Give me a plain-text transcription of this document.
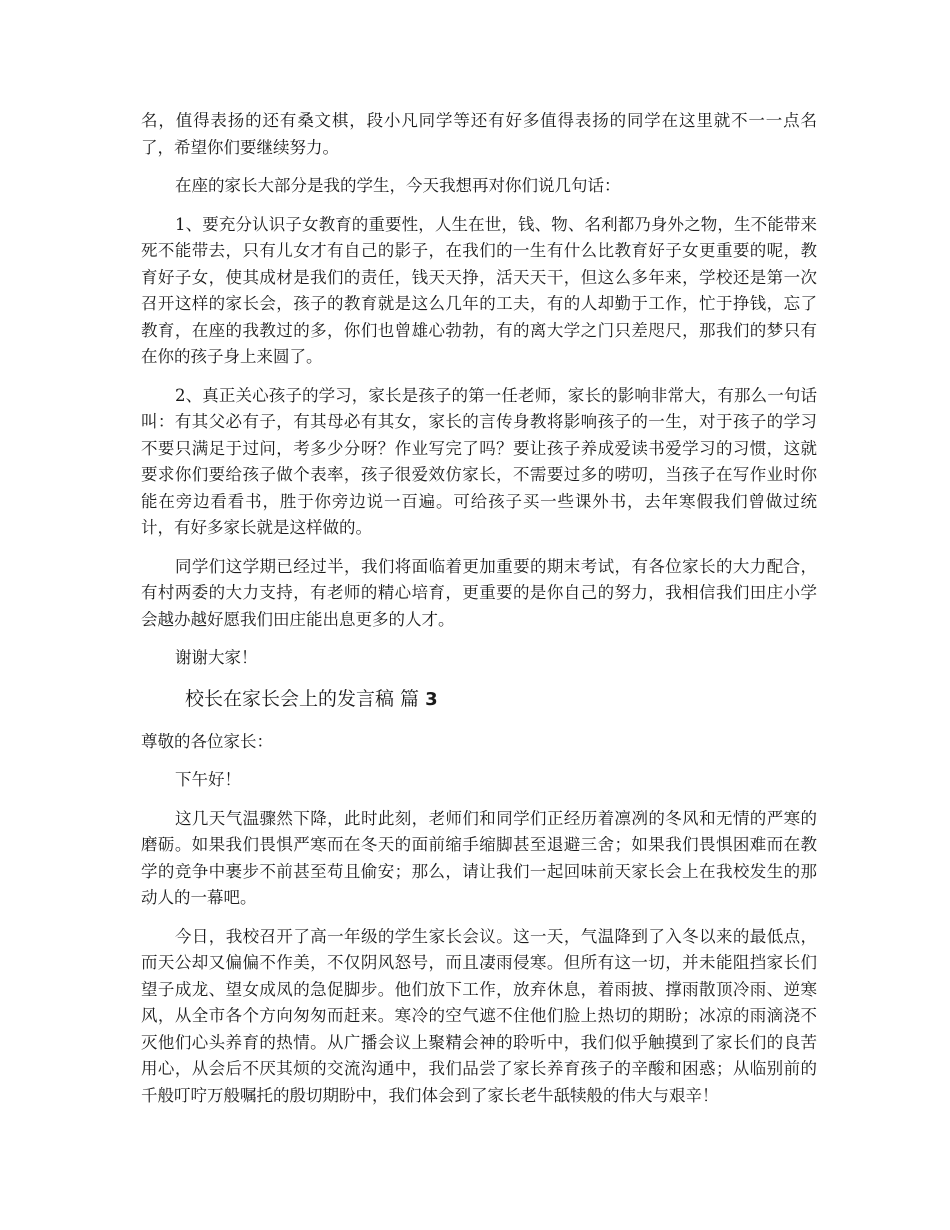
名，值得表扬的还有桑文棋，段小凡同学等还有好多值得表扬的同学在这里就不一一点名了，希望你们要继续努力。

在座的家长大部分是我的学生，今天我想再对你们说几句话：

1、要充分认识子女教育的重要性，人生在世，钱、物、名利都乃身外之物，生不能带来死不能带去，只有儿女才有自己的影子，在我们的一生有什么比教育好子女更重要的呢，教育好子女，使其成材是我们的责任，钱天天挣，活天天干，但这么多年来，学校还是第一次召开这样的家长会，孩子的教育就是这么几年的工夫，有的人却勤于工作，忙于挣钱，忘了教育，在座的我教过的多，你们也曾雄心勃勃，有的离大学之门只差咫尺，那我们的梦只有在你的孩子身上来圆了。

2、真正关心孩子的学习，家长是孩子的第一任老师，家长的影响非常大，有那么一句话叫：有其父必有子，有其母必有其女，家长的言传身教将影响孩子的一生，对于孩子的学习不要只满足于过问，考多少分呀？作业写完了吗？要让孩子养成爱读书爱学习的习惯，这就要求你们要给孩子做个表率，孩子很爱效仿家长，不需要过多的唠叨，当孩子在写作业时你能在旁边看看书，胜于你旁边说一百遍。可给孩子买一些课外书，去年寒假我们曾做过统计，有好多家长就是这样做的。

同学们这学期已经过半，我们将面临着更加重要的期末考试，有各位家长的大力配合，有村两委的大力支持，有老师的精心培育，更重要的是你自己的努力，我相信我们田庄小学会越办越好愿我们田庄能出息更多的人才。

谢谢大家！

校长在家长会上的发言稿 篇 3

尊敬的各位家长：

下午好！

这几天气温骤然下降，此时此刻，老师们和同学们正经历着凛冽的冬风和无情的严寒的磨砺。如果我们畏惧严寒而在冬天的面前缩手缩脚甚至退避三舍；如果我们畏惧困难而在教学的竞争中裹步不前甚至苟且偷安；那么，请让我们一起回味前天家长会上在我校发生的那动人的一幕吧。

今日，我校召开了高一年级的学生家长会议。这一天，气温降到了入冬以来的最低点，而天公却又偏偏不作美，不仅阴风怒号，而且凄雨侵寒。但所有这一切，并未能阻挡家长们望子成龙、望女成凤的急促脚步。他们放下工作，放弃休息，着雨披、撑雨散顶冷雨、逆寒风，从全市各个方向匆匆而赶来。寒冷的空气遮不住他们脸上热切的期盼；冰凉的雨滴浇不灭他们心头养育的热情。从广播会议上聚精会神的聆听中，我们似乎触摸到了家长们的良苦用心，从会后不厌其烦的交流沟通中，我们品尝了家长养育孩子的辛酸和困惑；从临别前的千般叮咛万般嘱托的殷切期盼中，我们体会到了家长老牛舐犊般的伟大与艰辛！
